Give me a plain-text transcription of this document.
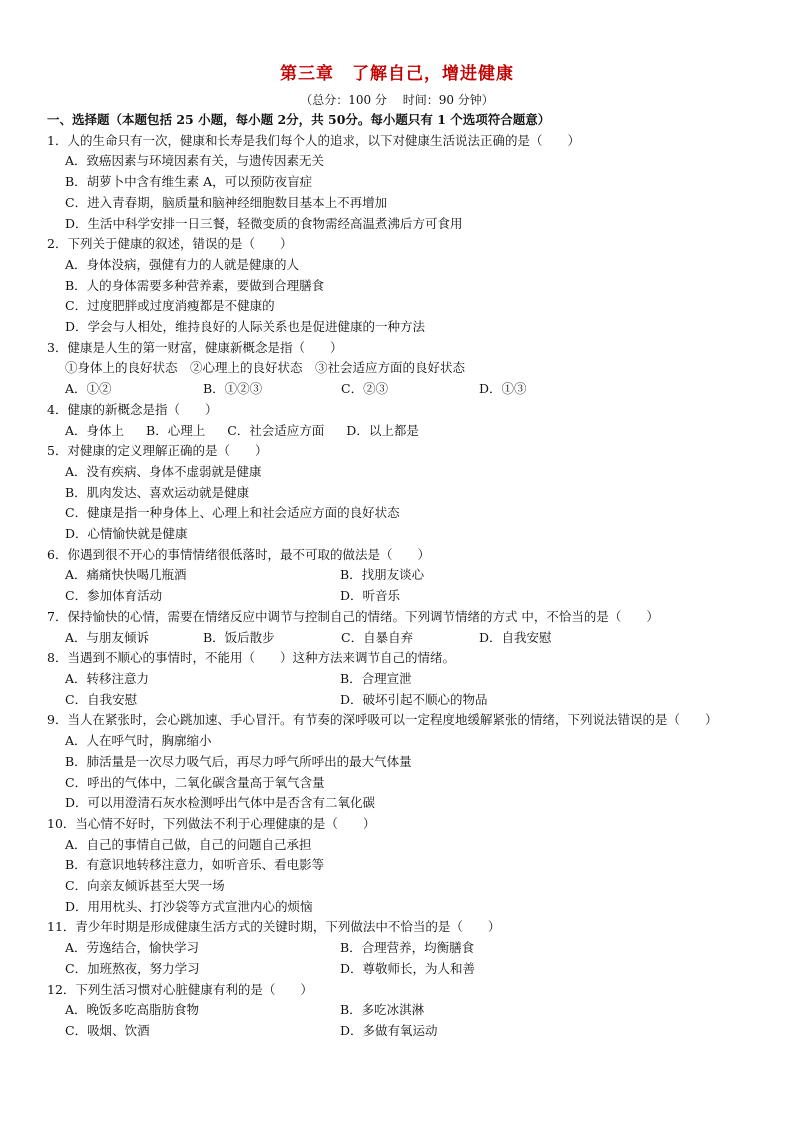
第三章　了解自己，增进健康
（总分：100 分　 时间：90 分钟）
一、选择题（本题包括 25 小题，每小题 2分，共 50分。每小题只有 1 个选项符合题意）
1．人的生命只有一次，健康和长寿是我们每个人的追求，以下对健康生活说法正确的是（　　）
A．致癌因素与环境因素有关，与遗传因素无关
B．胡萝卜中含有维生素 A，可以预防夜盲症
C．进入青春期，脑质量和脑神经细胞数目基本上不再增加
D．生活中科学安排一日三餐，轻微变质的食物需经高温煮沸后方可食用
2．下列关于健康的叙述，错误的是（　　）
A．身体没病，强健有力的人就是健康的人
B．人的身体需要多种营养素，要做到合理膳食
C．过度肥胖或过度消瘦都是不健康的
D．学会与人相处，维持良好的人际关系也是促进健康的一种方法
3．健康是人生的第一财富，健康新概念是指（　　）
①身体上的良好状态　②心理上的良好状态　③社会适应方面的良好状态
A．①②	B．①②③	C．②③	D．①③
4．健康的新概念是指（　　）
A．身体上 B．心理上 C．社会适应方面 D．以上都是
5．对健康的定义理解正确的是（　　）
A．没有疾病、身体不虚弱就是健康
B．肌肉发达、喜欢运动就是健康
C．健康是指一种身体上、心理上和社会适应方面的良好状态
D．心情愉快就是健康
6．你遇到很不开心的事情情绪很低落时，最不可取的做法是（　　）
A．痛痛快快喝几瓶酒	B．找朋友谈心
C．参加体育活动	D．听音乐
7．保持愉快的心情，需要在情绪反应中调节与控制自己的情绪。下列调节情绪的方式 中，不恰当的是（　　）
A．与朋友倾诉	B．饭后散步	C．自暴自弃	D．自我安慰
8．当遇到不顺心的事情时，不能用（　　）这种方法来调节自己的情绪。
A．转移注意力	B．合理宣泄
C．自我安慰	D．破坏引起不顺心的物品
9．当人在紧张时，会心跳加速、手心冒汗。有节奏的深呼吸可以一定程度地缓解紧张的情绪，下列说法错误的是（　　）
A．人在呼气时，胸廓缩小
B．肺活量是一次尽力吸气后，再尽力呼气所呼出的最大气体量
C．呼出的气体中，二氧化碳含量高于氧气含量
D．可以用澄清石灰水检测呼出气体中是否含有二氧化碳
10．当心情不好时，下列做法不利于心理健康的是（　　）
A．自己的事情自己做，自己的问题自己承担
B．有意识地转移注意力，如听音乐、看电影等
C．向亲友倾诉甚至大哭一场
D．用用枕头、打沙袋等方式宣泄内心的烦恼
11．青少年时期是形成健康生活方式的关键时期，下列做法中不恰当的是（　　）
A．劳逸结合，愉快学习	B．合理营养，均衡膳食
C．加班熬夜，努力学习	D．尊敬师长，为人和善
12．下列生活习惯对心脏健康有利的是（　　）
A．晚饭多吃高脂肪食物	B．多吃冰淇淋
C．吸烟、饮酒	D．多做有氧运动
